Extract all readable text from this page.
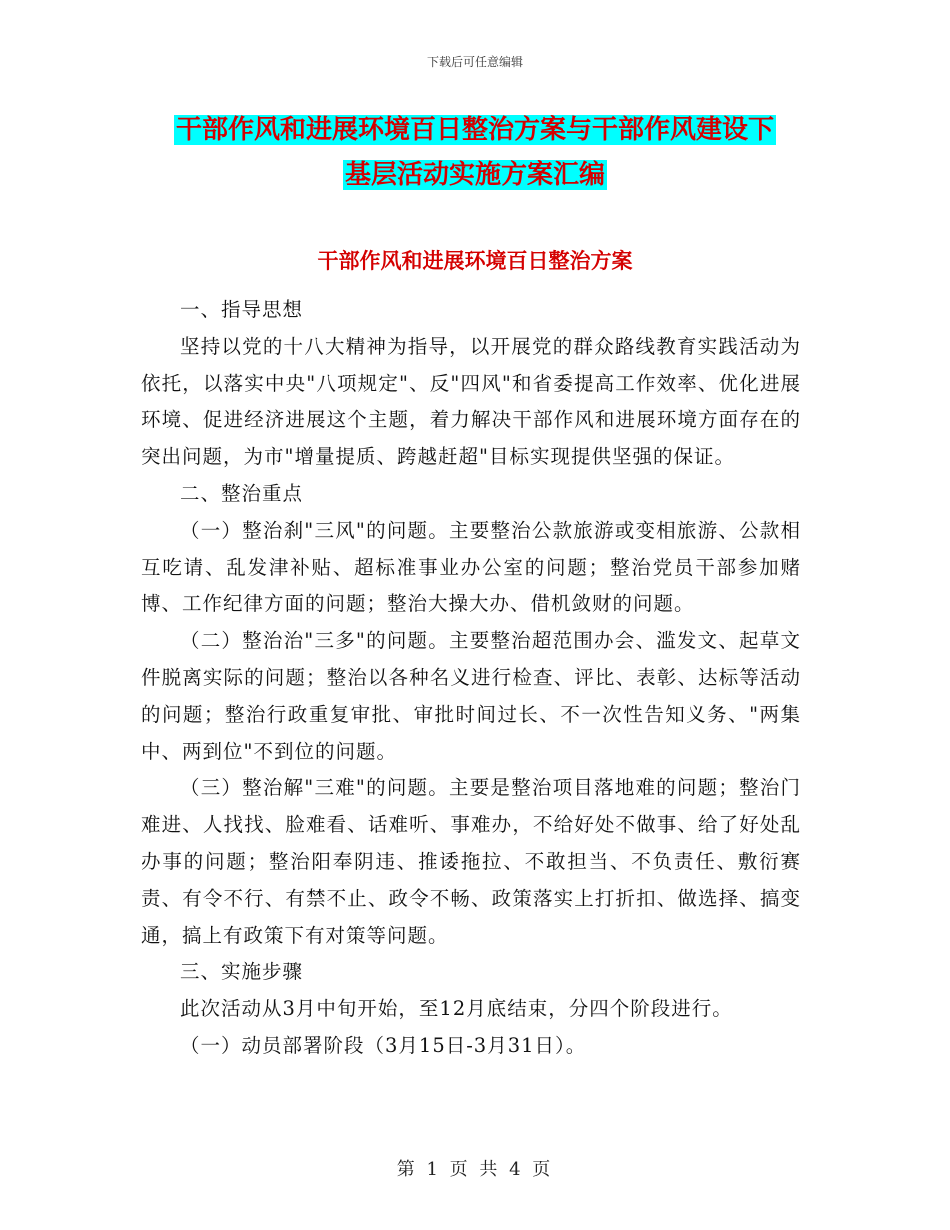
下载后可任意编辑
干部作风和进展环境百日整治方案与干部作风建设下
基层活动实施方案汇编
干部作风和进展环境百日整治方案

一、指导思想

坚持以党的十八大精神为指导，以开展党的群众路线教育实践活动为依托，以落实中央"八项规定"、反"四风"和省委提高工作效率、优化进展环境、促进经济进展这个主题，着力解决干部作风和进展环境方面存在的突出问题，为市"增量提质、跨越赶超"目标实现提供坚强的保证。

二、整治重点

（一）整治刹"三风"的问题。主要整治公款旅游或变相旅游、公款相互吃请、乱发津补贴、超标准事业办公室的问题；整治党员干部参加赌博、工作纪律方面的问题；整治大操大办、借机敛财的问题。

（二）整治治"三多"的问题。主要整治超范围办会、滥发文、起草文件脱离实际的问题；整治以各种名义进行检查、评比、表彰、达标等活动的问题；整治行政重复审批、审批时间过长、不一次性告知义务、"两集中、两到位"不到位的问题。

（三）整治解"三难"的问题。主要是整治项目落地难的问题；整治门难进、人找找、脸难看、话难听、事难办，不给好处不做事、给了好处乱办事的问题；整治阳奉阴违、推诿拖拉、不敢担当、不负责任、敷衍赛责、有令不行、有禁不止、政令不畅、政策落实上打折扣、做选择、搞变通，搞上有政策下有对策等问题。

三、实施步骤

此次活动从3月中旬开始，至12月底结束，分四个阶段进行。

（一）动员部署阶段（3月15日-3月31日）。

第 1 页 共 4 页
